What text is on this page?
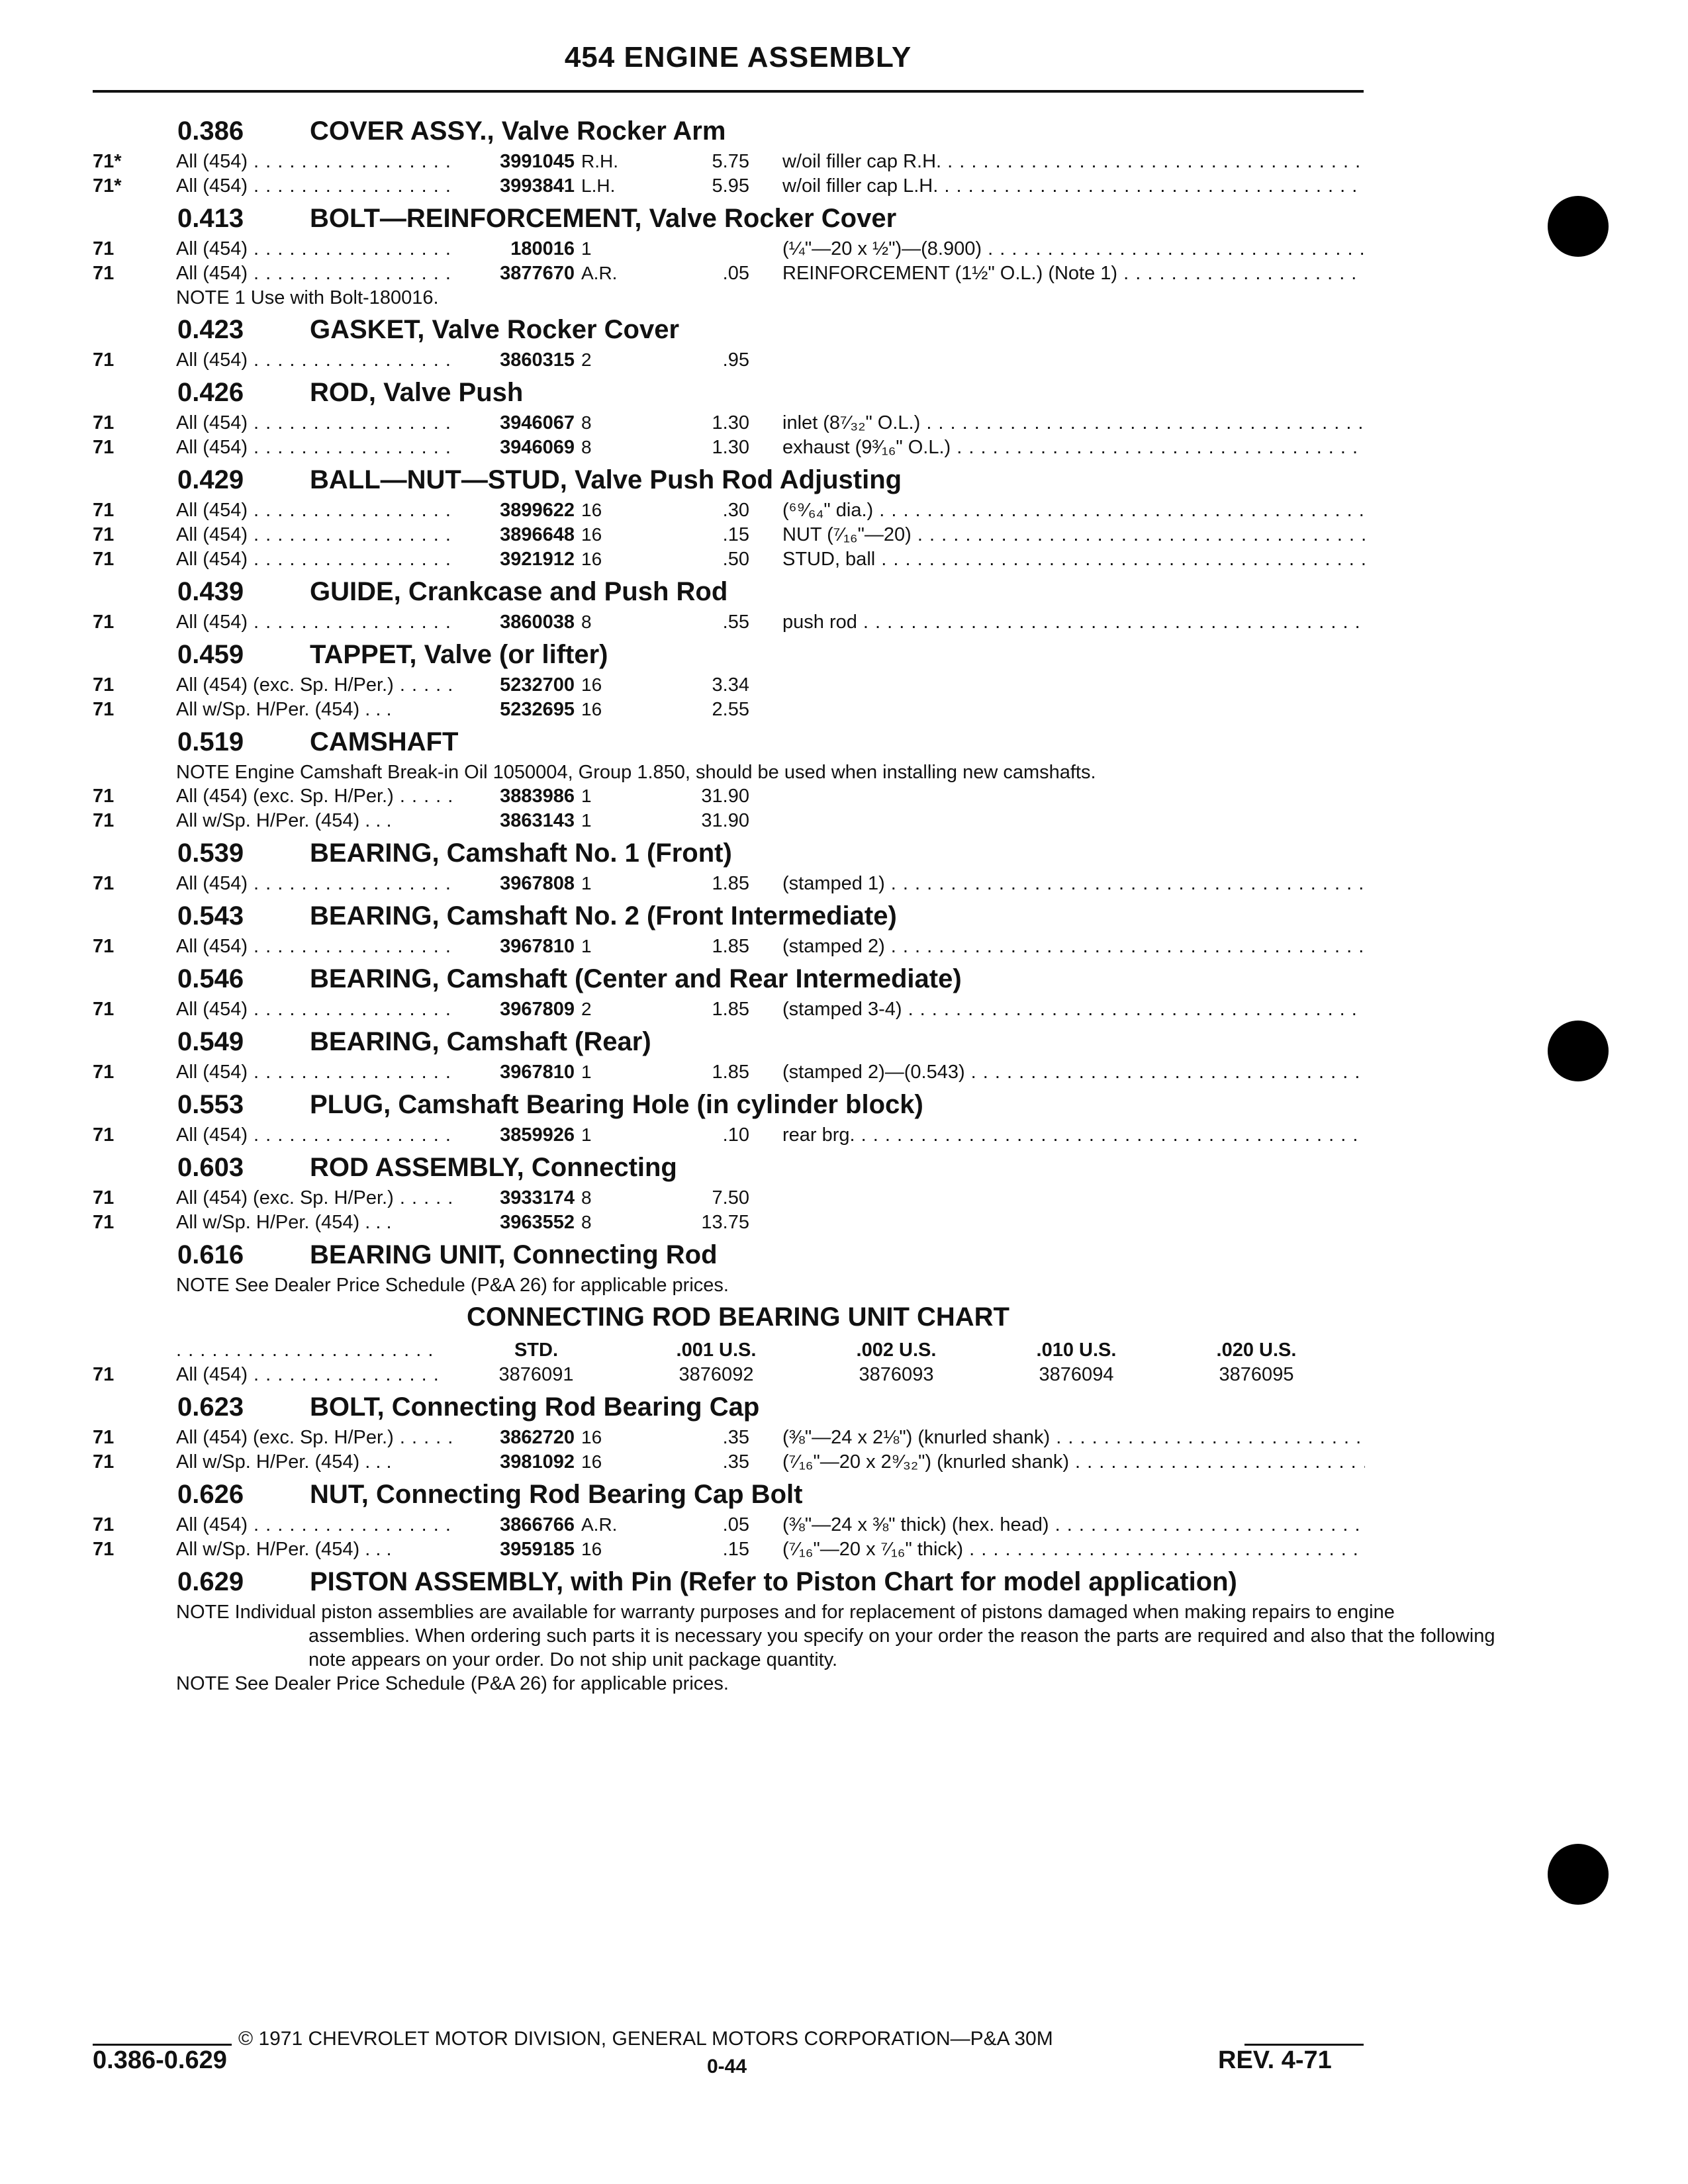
454 ENGINE ASSEMBLY
0.386 COVER ASSY., Valve Rocker Arm
71*	All (454) . . .	3991045 R.H.	5.75 w/oil filler cap R.H. . . .
71*	All (454) . . .	3993841 L.H.	5.95 w/oil filler cap L.H. . . .
0.413 BOLT—REINFORCEMENT, Valve Rocker Cover
71	All (454) . . .	180016 1	(¼"—20 x ½")—(8.900) . . .
71	All (454) . . .	3877670 A.R.	.05 REINFORCEMENT (1½" O.L.) (Note 1) . . .
NOTE 1 Use with Bolt-180016.
0.423 GASKET, Valve Rocker Cover
71	All (454) . . .	3860315 2	.95
0.426 ROD, Valve Push
71	All (454) . . .	3946067 8	1.30 inlet (8⁷⁄₃₂" O.L.) . . .
71	All (454) . . .	3946069 8	1.30 exhaust (9³⁄₁₆" O.L.) . . .
0.429 BALL—NUT—STUD, Valve Push Rod Adjusting
71	All (454) . . .	3899622 16	.30 (⁶⁹⁄₆₄" dia.) . . .
71	All (454) . . .	3896648 16	.15 NUT (⁷⁄₁₆"—20) . . .
71	All (454) . . .	3921912 16	.50 STUD, ball . . .
0.439 GUIDE, Crankcase and Push Rod
71	All (454) . . .	3860038 8	.55 push rod . . .
0.459 TAPPET, Valve (or lifter)
71	All (454) (exc. Sp. H/Per.) . . .	5232700 16	3.34
71	All w/Sp. H/Per. (454) . . .	5232695 16	2.55
0.519 CAMSHAFT
NOTE Engine Camshaft Break-in Oil 1050004, Group 1.850, should be used when installing new camshafts.
71	All (454) (exc. Sp. H/Per.) . . .	3883986 1	31.90
71	All w/Sp. H/Per. (454) . . .	3863143 1	31.90
0.539 BEARING, Camshaft No. 1 (Front)
71	All (454) . . .	3967808 1	1.85 (stamped 1) . . .
0.543 BEARING, Camshaft No. 2 (Front Intermediate)
71	All (454) . . .	3967810 1	1.85 (stamped 2) . . .
0.546 BEARING, Camshaft (Center and Rear Intermediate)
71	All (454) . . .	3967809 2	1.85 (stamped 3-4) . . .
0.549 BEARING, Camshaft (Rear)
71	All (454) . . .	3967810 1	1.85 (stamped 2)—(0.543) . . .
0.553 PLUG, Camshaft Bearing Hole (in cylinder block)
71	All (454) . . .	3859926 1	.10 rear brg. . . .
0.603 ROD ASSEMBLY, Connecting
71	All (454) (exc. Sp. H/Per.) . . .	3933174 8	7.50
71	All w/Sp. H/Per. (454) . . .	3963552 8	13.75
0.616 BEARING UNIT, Connecting Rod
NOTE See Dealer Price Schedule (P&A 26) for applicable prices.
CONNECTING ROD BEARING UNIT CHART
. . .
STD.	.001 U.S.	.002 U.S.	.010 U.S.	.020 U.S.
71	All (454) . . .	3876091	3876092	3876093	3876094	3876095
0.623 BOLT, Connecting Rod Bearing Cap
71	All (454) (exc. Sp. H/Per.) . . .	3862720 16	.35 (⅜"—24 x 2⅛") (knurled shank) . . .
71	All w/Sp. H/Per. (454) . . .	3981092 16	.35 (⁷⁄₁₆"—20 x 2⁹⁄₃₂") (knurled shank) . . .
0.626 NUT, Connecting Rod Bearing Cap Bolt
71	All (454) . . .	3866766 A.R.	.05 (⅜"—24 x ⅜" thick) (hex. head) . . .
71	All w/Sp. H/Per. (454) . . .	3959185 16	.15 (⁷⁄₁₆"—20 x ⁷⁄₁₆" thick) . . .
0.629 PISTON ASSEMBLY, with Pin (Refer to Piston Chart for model application)
NOTE Individual piston assemblies are available for warranty purposes and for replacement of pistons damaged when making repairs to engine assemblies. When ordering such parts it is necessary you specify on your order the reason the parts are required and also that the following note appears on your order. Do not ship unit package quantity.
NOTE See Dealer Price Schedule (P&A 26) for applicable prices.
© 1971 CHEVROLET MOTOR DIVISION, GENERAL MOTORS CORPORATION—P&A 30M
0.386-0.629	0-44	REV. 4-71
